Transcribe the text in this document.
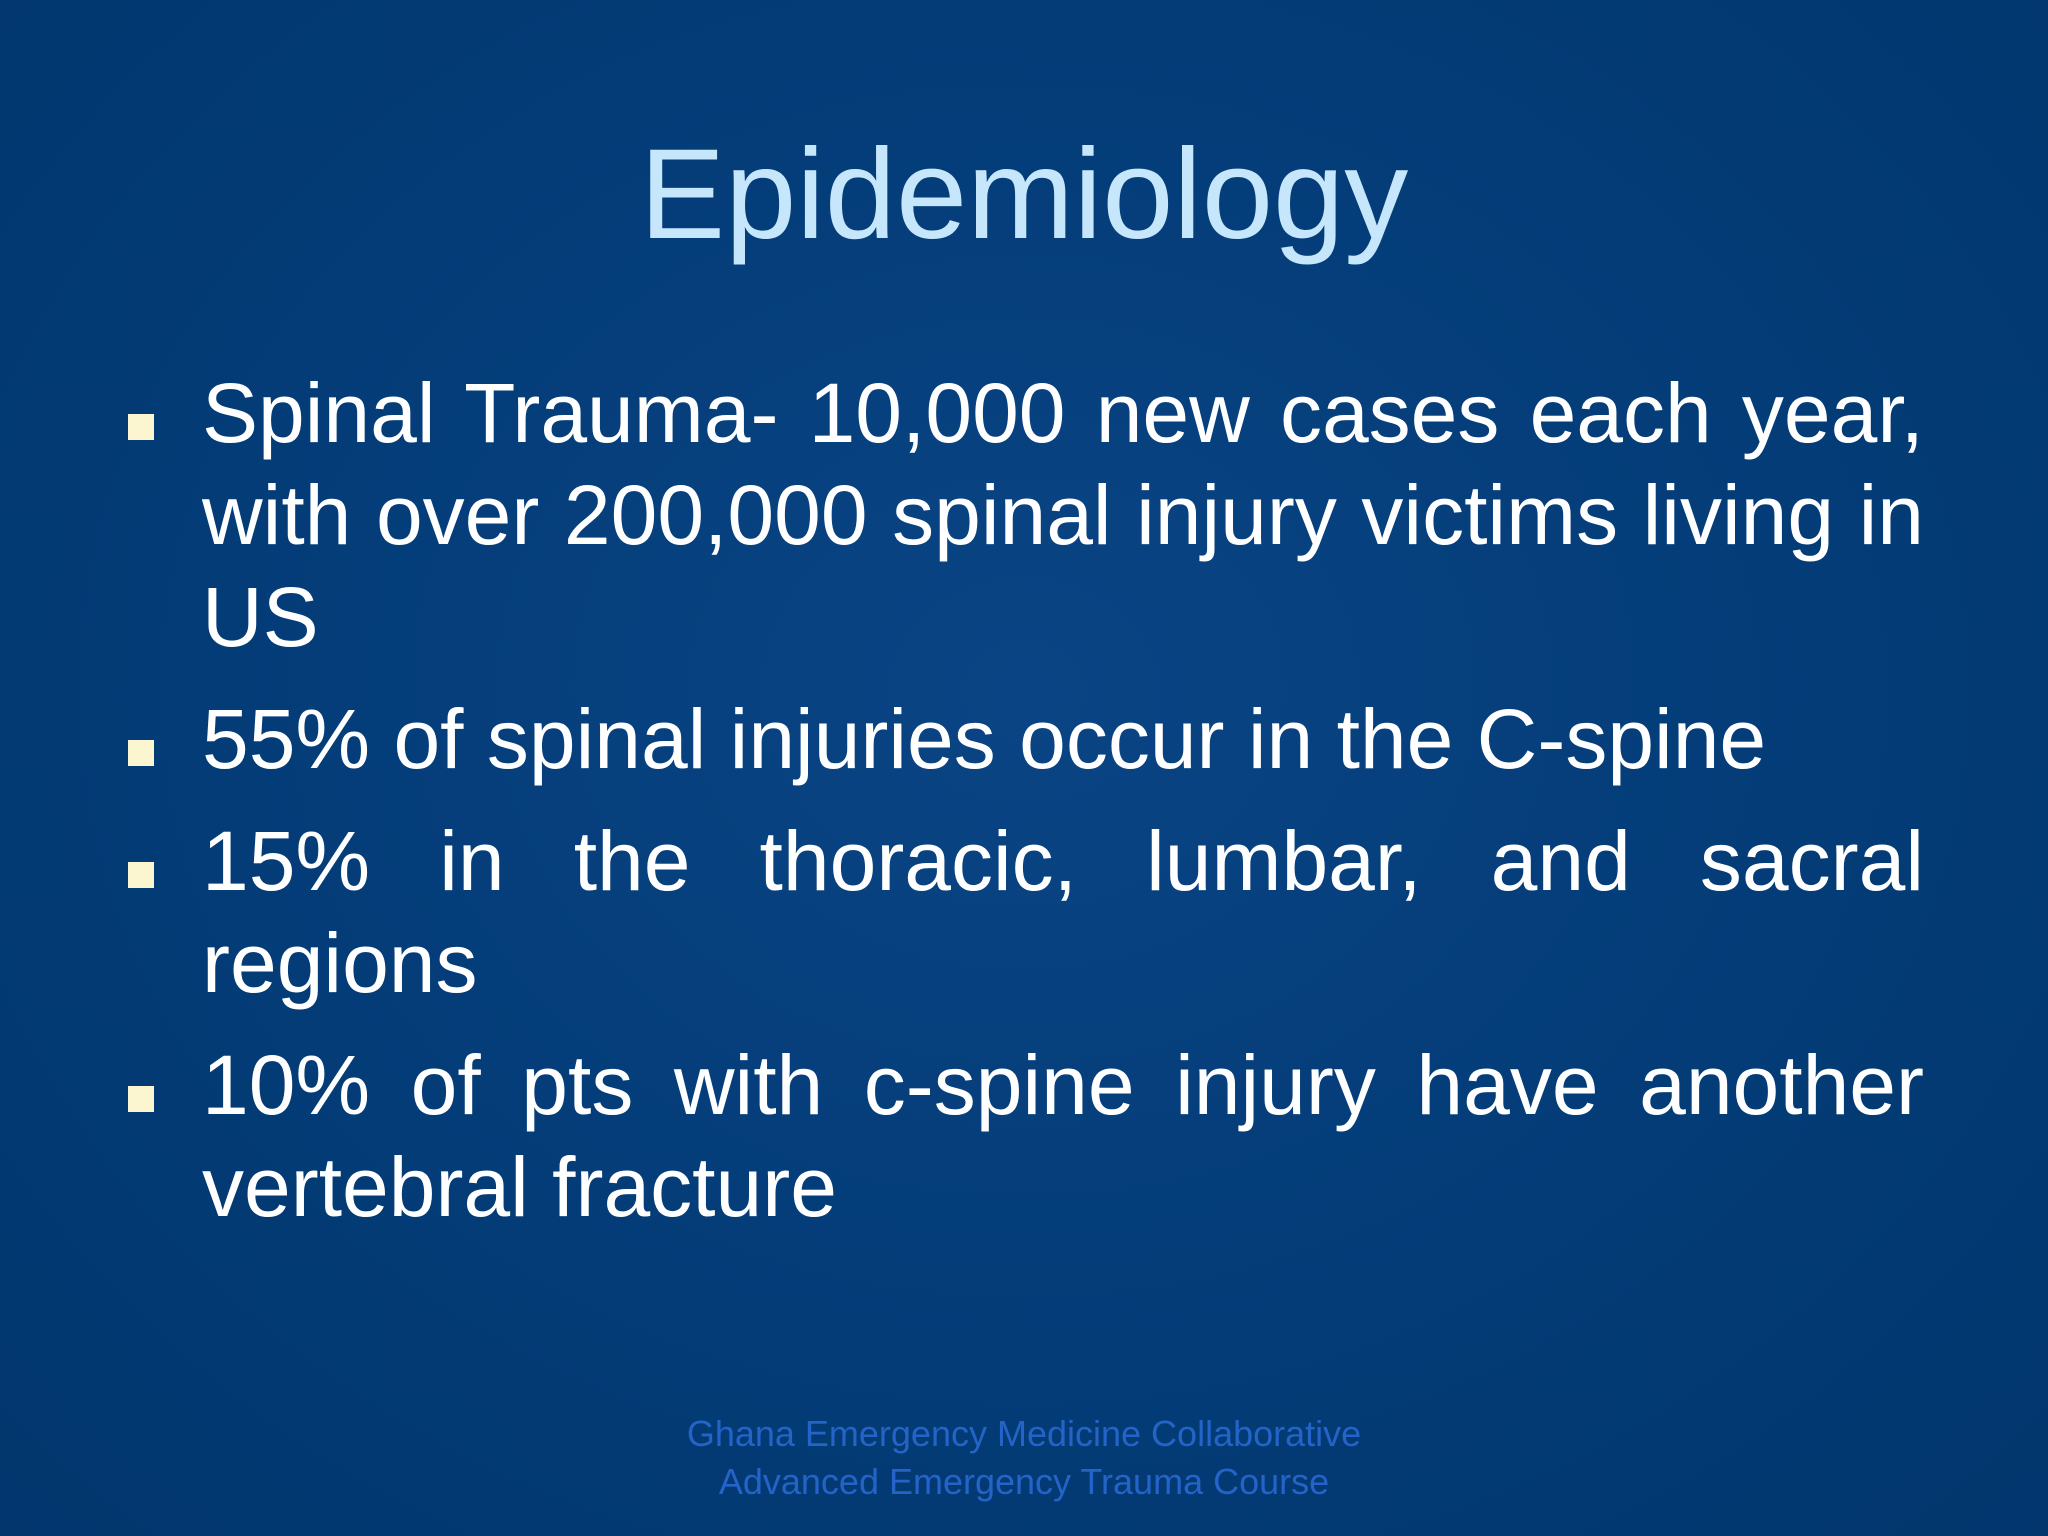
Epidemiology
Spinal Trauma- 10,000 new cases each year, with over 200,000 spinal injury victims living in US
55% of spinal injuries occur in the C-spine
15% in the thoracic, lumbar, and sacral regions
10% of pts with c-spine injury have another vertebral fracture
Ghana Emergency Medicine Collaborative
Advanced Emergency Trauma Course
